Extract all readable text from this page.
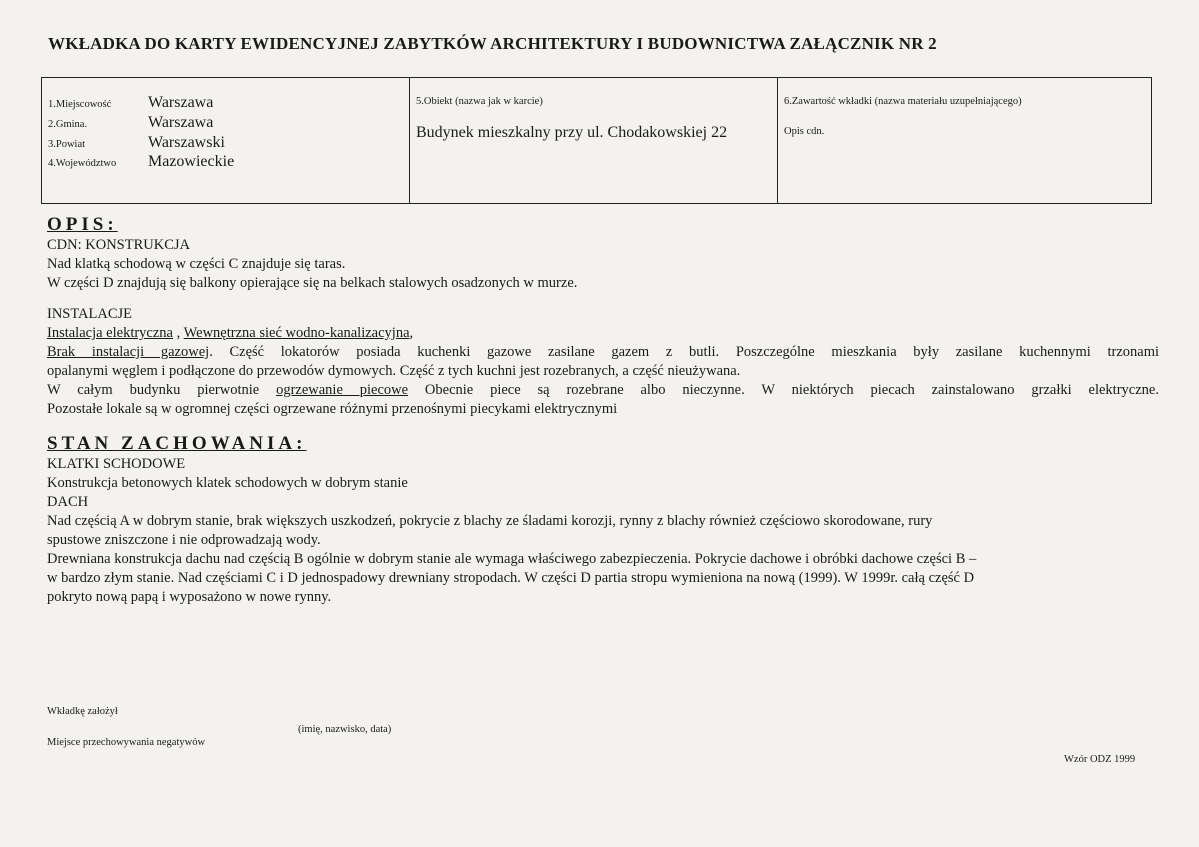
WKŁADKA DO KARTY EWIDENCYJNEJ ZABYTKÓW ARCHITEKTURY I BUDOWNICTWA ZAŁĄCZNIK NR 2
1.Miejscowość	Warszawa
2.Gmina.	Warszawa
3.Powiat	Warszawski
4.Województwo	Mazowieckie
5.Obiekt (nazwa jak w karcie)
Budynek mieszkalny przy ul. Chodakowskiej 22
6.Zawartość wkładki (nazwa materiału uzupełniającego)
Opis cdn.
OPIS:
CDN: KONSTRUKCJA
Nad klatką schodową w części C znajduje się taras.
W części D znajdują się balkony opierające się na belkach stalowych osadzonych w murze.
INSTALACJE
Instalacja elektryczna , Wewnętrzna sieć wodno-kanalizacyjna,
Brak instalacji gazowej. Część lokatorów posiada kuchenki gazowe zasilane gazem z butli. Poszczególne mieszkania były zasilane kuchennymi trzonami
opalanymi węglem i podłączone do przewodów dymowych. Część z tych kuchni jest rozebranych, a część nieużywana.
W całym budynku pierwotnie ogrzewanie piecowe Obecnie piece są rozebrane albo nieczynne. W niektórych piecach zainstalowano grzałki elektryczne.
Pozostałe lokale są w ogromnej części ogrzewane różnymi przenośnymi piecykami elektrycznymi
STAN ZACHOWANIA:
KLATKI SCHODOWE
Konstrukcja betonowych klatek schodowych w dobrym stanie
DACH
Nad częścią A w dobrym stanie, brak większych uszkodzeń, pokrycie z blachy ze śladami korozji, rynny z blachy również częściowo skorodowane, rury
spustowe zniszczone i nie odprowadzają wody.
Drewniana konstrukcja dachu nad częścią B ogólnie w dobrym stanie ale wymaga właściwego zabezpieczenia. Pokrycie dachowe i obróbki dachowe części B –
w bardzo złym stanie. Nad częściami C i D jednospadowy drewniany stropodach. W części D partia stropu wymieniona na nową (1999). W 1999r. całą część D
pokryto nową papą i wyposażono w nowe rynny.
Wkładkę założył
(imię, nazwisko, data)
Miejsce przechowywania negatywów
Wzór ODZ 1999
